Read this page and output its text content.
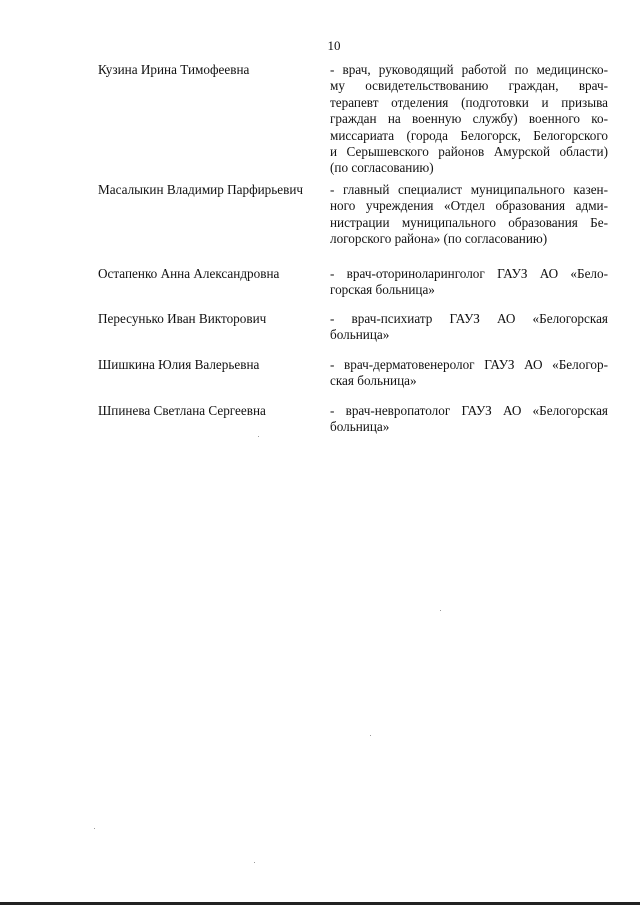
10
Кузина Ирина Тимофеевна	- врач, руководящий работой по медицинско-
му освидетельствованию граждан, врач-
терапевт отделения (подготовки и призыва
граждан на военную службу) военного ко-
миссариата (города Белогорск, Белогорского
и Серышевского районов Амурской области)
(по согласованию)
Масалыкин Владимир Парфирьевич	- главный специалист муниципального казен-
ного учреждения «Отдел образования адми-
нистрации муниципального образования Бе-
логорского района» (по согласованию)
Остапенко Анна Александровна	- врач-оториноларинголог ГАУЗ АО «Бело-
горская больница»
Пересунько Иван Викторович	- врач-психиатр ГАУЗ АО «Белогорская
больница»
Шишкина Юлия Валерьевна	- врач-дерматовенеролог ГАУЗ АО «Белогор-
ская больница»
Шпинева Светлана Сергеевна	- врач-невропатолог ГАУЗ АО «Белогорская
больница»
